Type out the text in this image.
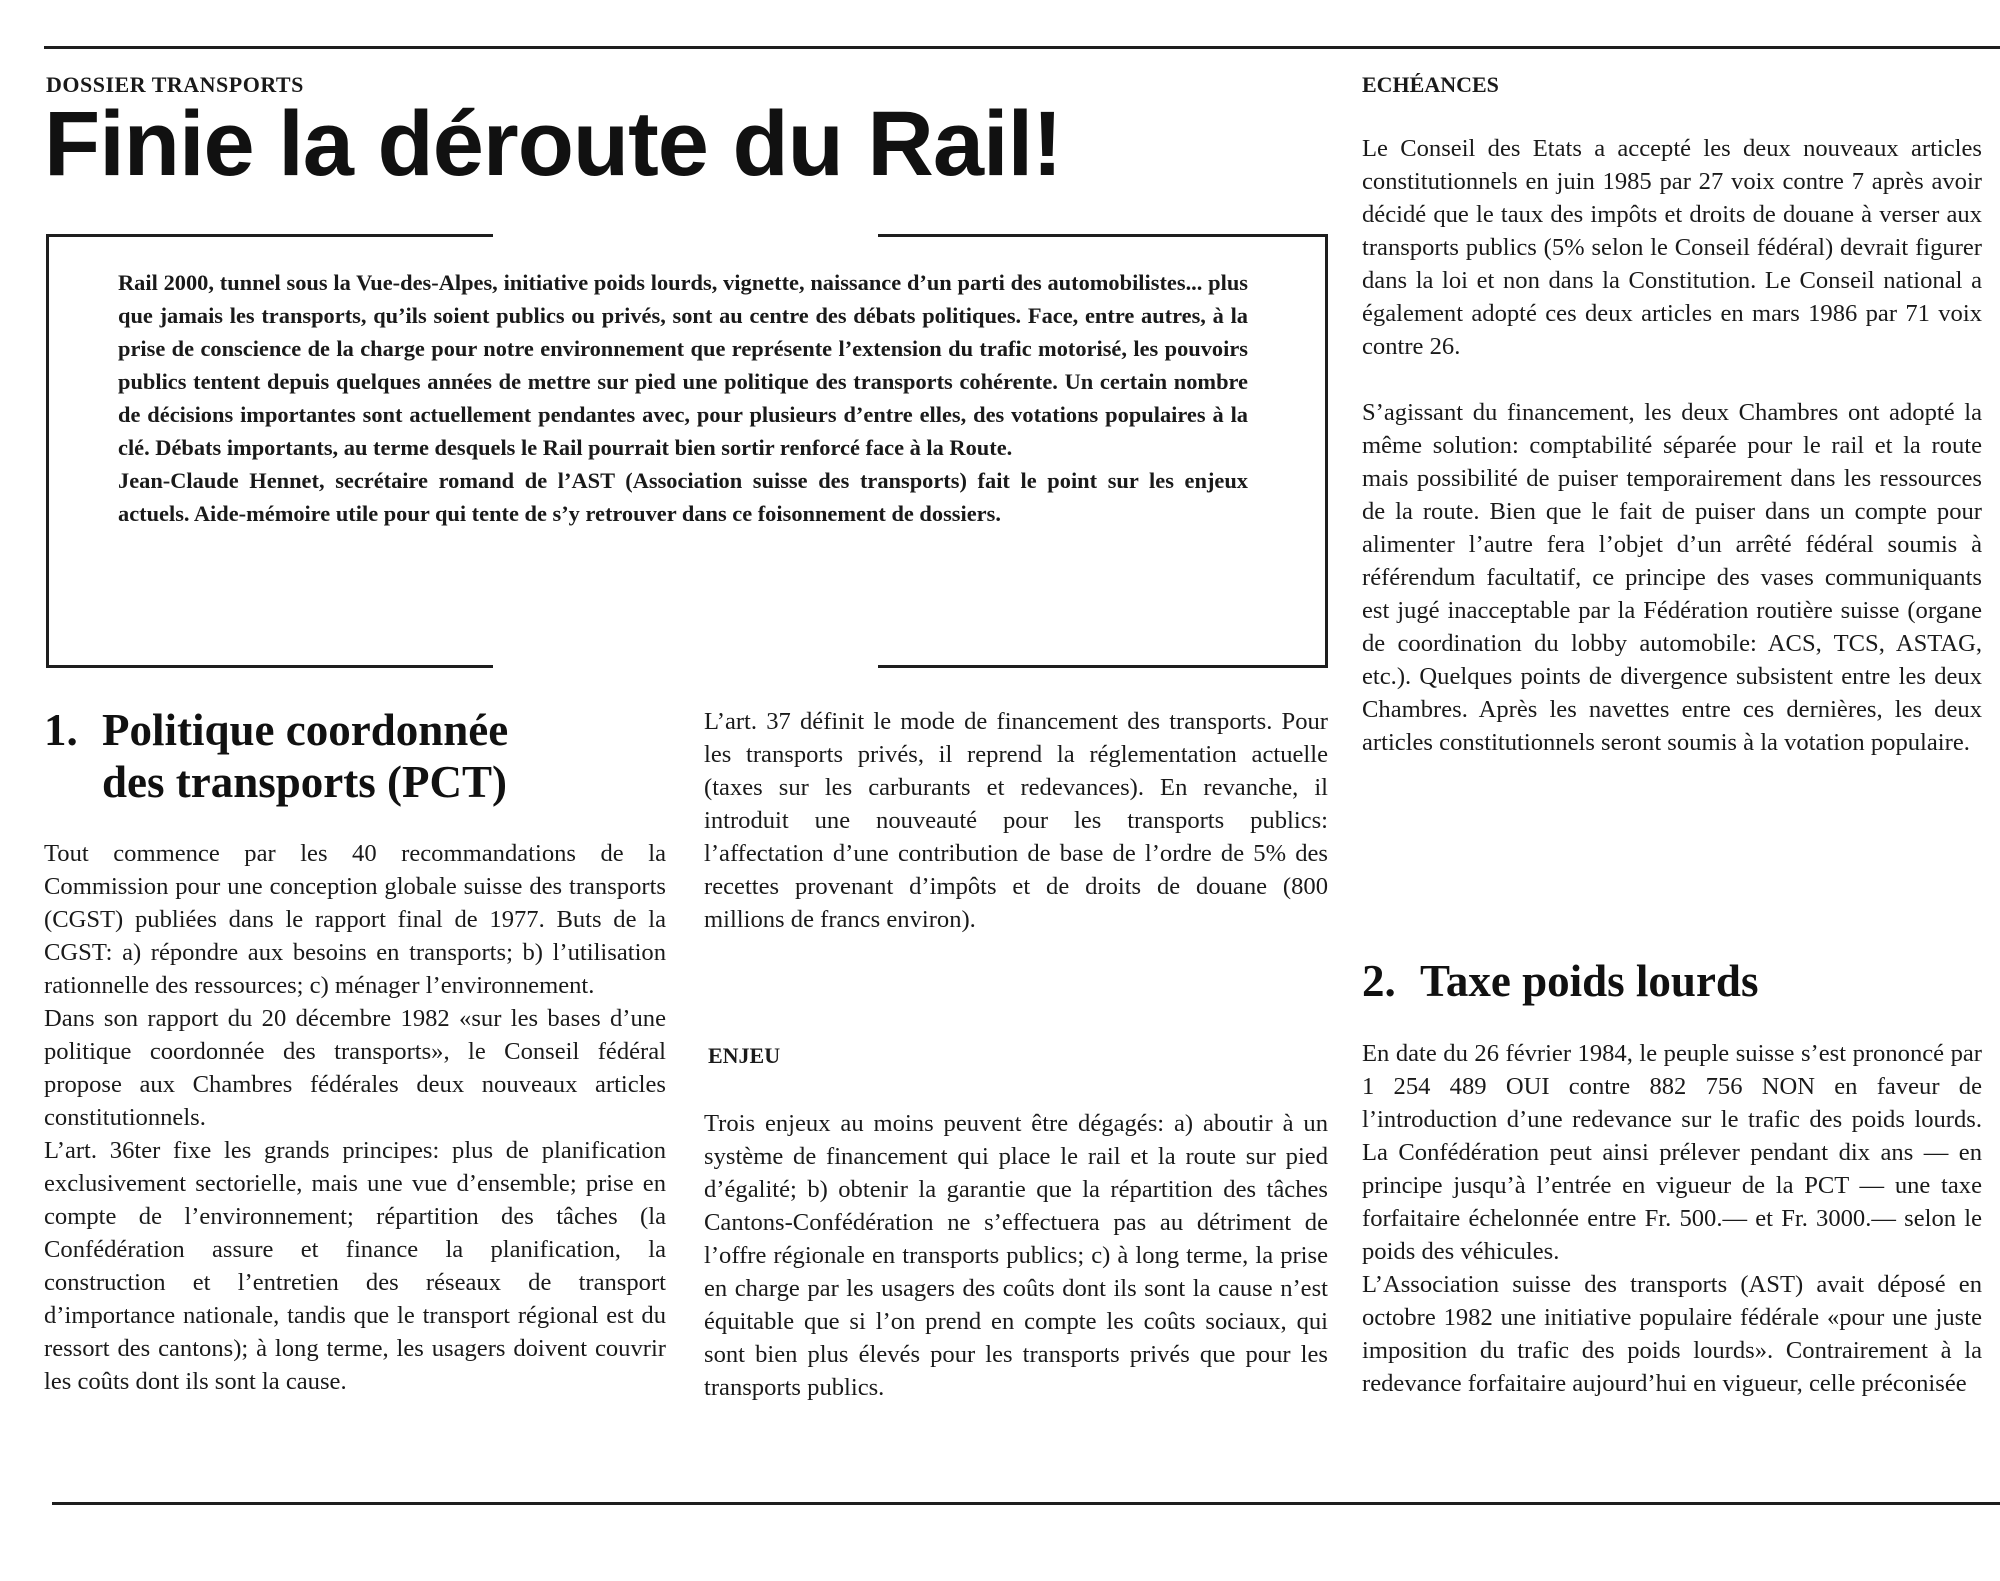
DOSSIER TRANSPORTS
Finie la déroute du Rail!

Rail 2000, tunnel sous la Vue-des-Alpes, initiative poids lourds, vignette, naissance d’un parti des automobilistes... plus que jamais les transports, qu’ils soient publics ou privés, sont au centre des débats politiques. Face, entre autres, à la prise de conscience de la charge pour notre environnement que représente l’extension du trafic motorisé, les pouvoirs publics tentent depuis quelques années de mettre sur pied une politique des transports cohérente. Un certain nombre de décisions importantes sont actuellement pendantes avec, pour plusieurs d’entre elles, des votations populaires à la clé. Débats importants, au terme desquels le Rail pourrait bien sortir renforcé face à la Route.

Jean-Claude Hennet, secrétaire romand de l’AST (Association suisse des transports) fait le point sur les enjeux actuels. Aide-mémoire utile pour qui tente de s’y retrouver dans ce foisonnement de dossiers.

1. Politique coordonnée
des transports (PCT)

Tout commence par les 40 recommandations de la Commission pour une conception globale suisse des transports (CGST) publiées dans le rapport final de 1977. Buts de la CGST: a) répondre aux besoins en transports; b) l’utilisation rationnelle des ressources; c) ménager l’environnement.

Dans son rapport du 20 décembre 1982 «sur les bases d’une politique coordonnée des transports», le Conseil fédéral propose aux Chambres fédérales deux nouveaux articles constitutionnels.

L’art. 36ter fixe les grands principes: plus de planification exclusivement sectorielle, mais une vue d’ensemble; prise en compte de l’environnement; répartition des tâches (la Confédération assure et finance la planification, la construction et l’entretien des réseaux de transport d’importance nationale, tandis que le transport régional est du ressort des cantons); à long terme, les usagers doivent couvrir les coûts dont ils sont la cause.

L’art. 37 définit le mode de financement des transports. Pour les transports privés, il reprend la réglementation actuelle (taxes sur les carburants et redevances). En revanche, il introduit une nouveauté pour les transports publics: l’affectation d’une contribution de base de l’ordre de 5% des recettes provenant d’impôts et de droits de douane (800 millions de francs environ).

ENJEU

Trois enjeux au moins peuvent être dégagés: a) aboutir à un système de financement qui place le rail et la route sur pied d’égalité; b) obtenir la garantie que la répartition des tâches Cantons-Confédération ne s’effectuera pas au détriment de l’offre régionale en transports publics; c) à long terme, la prise en charge par les usagers des coûts dont ils sont la cause n’est équitable que si l’on prend en compte les coûts sociaux, qui sont bien plus élevés pour les transports privés que pour les transports publics.

ECHÉANCES

Le Conseil des Etats a accepté les deux nouveaux articles constitutionnels en juin 1985 par 27 voix contre 7 après avoir décidé que le taux des impôts et droits de douane à verser aux transports publics (5% selon le Conseil fédéral) devrait figurer dans la loi et non dans la Constitution. Le Conseil national a également adopté ces deux articles en mars 1986 par 71 voix contre 26.

S’agissant du financement, les deux Chambres ont adopté la même solution: comptabilité séparée pour le rail et la route mais possibilité de puiser temporairement dans les ressources de la route. Bien que le fait de puiser dans un compte pour alimenter l’autre fera l’objet d’un arrêté fédéral soumis à référendum facultatif, ce principe des vases communiquants est jugé inacceptable par la Fédération routière suisse (organe de coordination du lobby automobile: ACS, TCS, ASTAG, etc.). Quelques points de divergence subsistent entre les deux Chambres. Après les navettes entre ces dernières, les deux articles constitutionnels seront soumis à la votation populaire.

2. Taxe poids lourds

En date du 26 février 1984, le peuple suisse s’est prononcé par 1 254 489 OUI contre 882 756 NON en faveur de l’introduction d’une redevance sur le trafic des poids lourds. La Confédération peut ainsi prélever pendant dix ans — en principe jusqu’à l’entrée en vigueur de la PCT — une taxe forfaitaire échelonnée entre Fr. 500.— et Fr. 3000.— selon le poids des véhicules.

L’Association suisse des transports (AST) avait déposé en octobre 1982 une initiative populaire fédérale «pour une juste imposition du trafic des poids lourds». Contrairement à la redevance forfaitaire aujourd’hui en vigueur, celle préconisée
